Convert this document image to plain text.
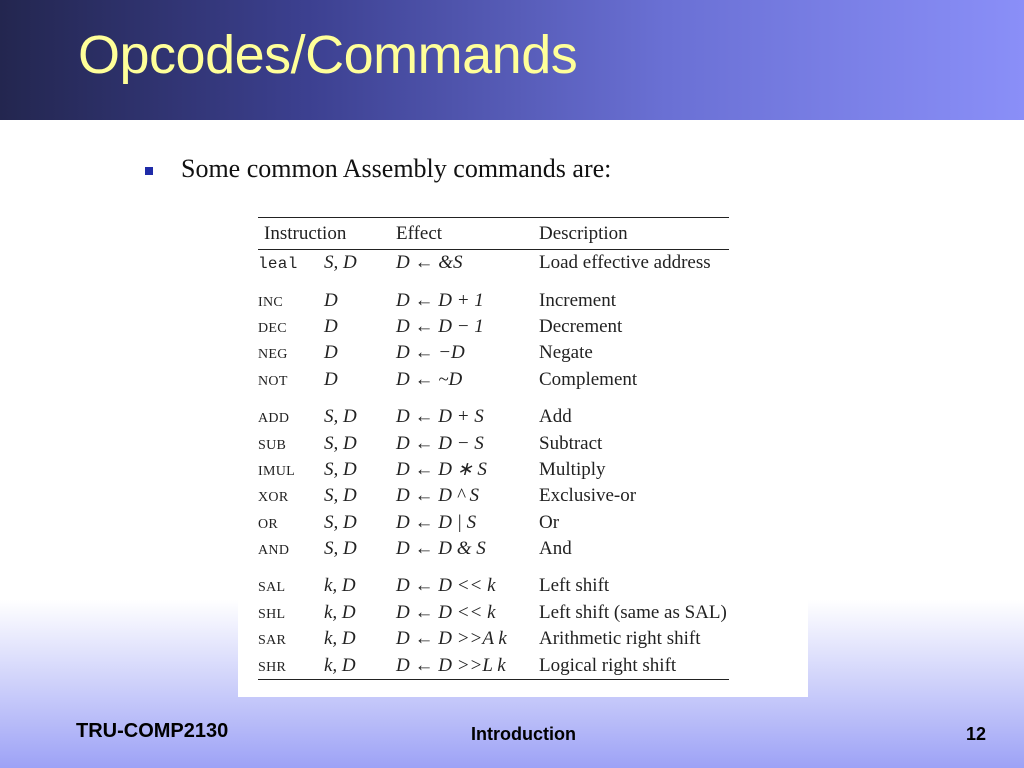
Opcodes/Commands
Some common Assembly commands are:
Instruction		Effect	Description
leal	S, D	D ← &S	Load effective address
INC	D	D ← D + 1	Increment
DEC	D	D ← D − 1	Decrement
NEG	D	D ← −D	Negate
NOT	D	D ← ~D	Complement
ADD	S, D	D ← D + S	Add
SUB	S, D	D ← D − S	Subtract
IMUL	S, D	D ← D ∗ S	Multiply
XOR	S, D	D ← D ^ S	Exclusive-or
OR	S, D	D ← D | S	Or
AND	S, D	D ← D & S	And
SAL	k, D	D ← D << k	Left shift
SHL	k, D	D ← D << k	Left shift (same as SAL)
SAR	k, D	D ← D >>A k	Arithmetic right shift
SHR	k, D	D ← D >>L k	Logical right shift
TRU-COMP2130	Introduction	12
